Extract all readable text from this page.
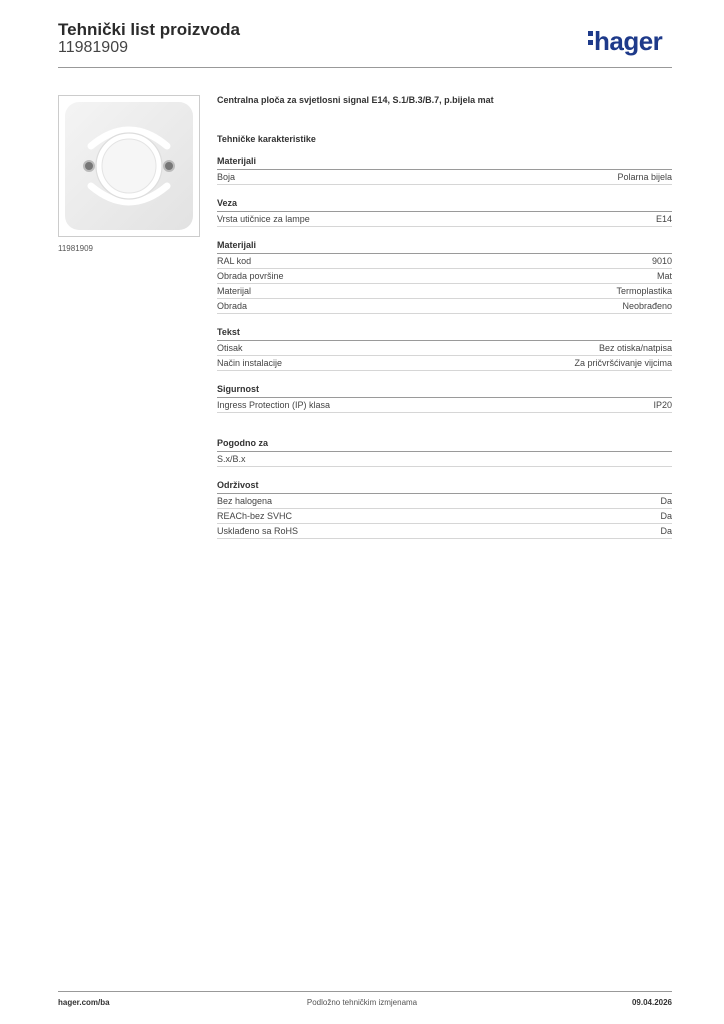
Tehnički list proizvoda
11981909	hager
11981909
Centralna ploča za svjetlosni signal E14, S.1/B.3/B.7, p.bijela mat
Tehničke karakteristike
Materijali
Boja	Polarna bijela
Veza
Vrsta utičnice za lampe	E14
Materijali
RAL kod	9010
Obrada površine	Mat
Materijal	Termoplastika
Obrada	Neobrađeno
Tekst
Otisak	Bez otiska/natpisa
Način instalacije	Za pričvršćivanje vijcima
Sigurnost
Ingress Protection (IP) klasa	IP20
Pogodno za
S.x/B.x
Održivost
Bez halogena	Da
REACh-bez SVHC	Da
Usklađeno sa RoHS	Da
hager.com/ba	Podložno tehničkim izmjenama	09.04.2026
